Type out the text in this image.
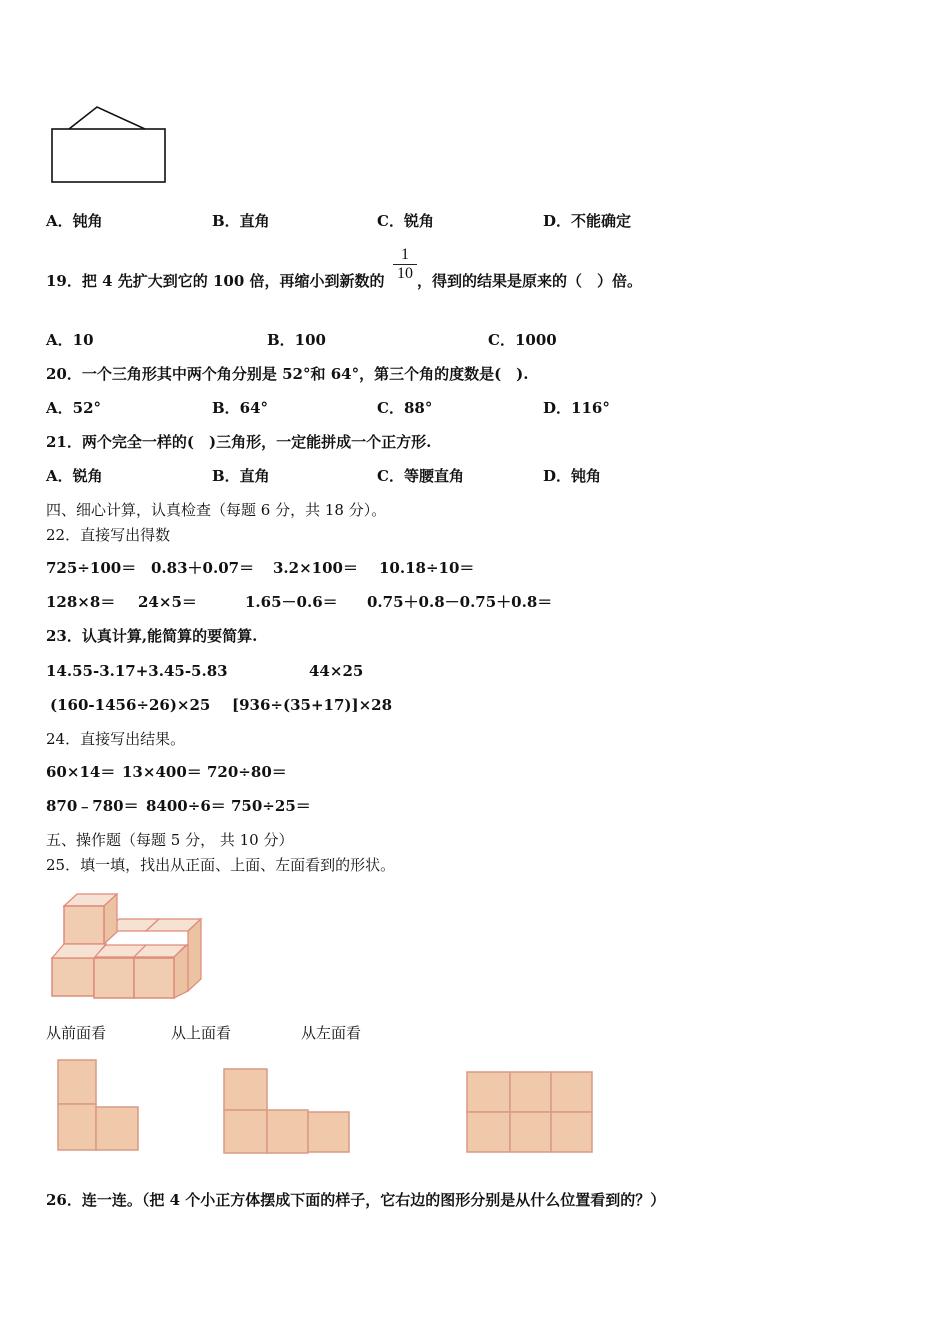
A．钝角	B．直角	C．锐角	D．不能确定
19．把 4 先扩大到它的 100 倍，再缩小到新数的 $\frac{1}{10}$ ，得到的结果是原来的（　）倍。
A．10	B．100	C．1000
20．一个三角形其中两个角分别是 52°和 64°，第三个角的度数是(　).
A．52°	B．64°	C．88°	D．116°
21．两个完全一样的(　)三角形，一定能拼成一个正方形.
A．锐角	B．直角	C．等腰直角	D．钝角
四、细心计算，认真检查（每题 6 分，共 18 分）。
22．直接写出得数
725÷100＝ 0.83＋0.07＝ 3.2×100＝ 10.18÷10＝
128×8＝ 24×5＝	1.65－0.6＝ 0.75＋0.8－0.75＋0.8＝
23．认真计算,能简算的要简算.
14.55-3.17+3.45-5.83	44×25
(160-1456÷26)×25 [936÷(35+17)]×28
24．直接写出结果。
60×14＝ 13×400＝ 720÷80＝
870﹣780＝ 8400÷6＝ 750÷25＝
五、操作题（每题 5 分， 共 10 分）
25．填一填，找出从正面、上面、左面看到的形状。
从前面看	从上面看	从左面看
26．连一连。（把 4 个小正方体摆成下面的样子，它右边的图形分别是从什么位置看到的？）
